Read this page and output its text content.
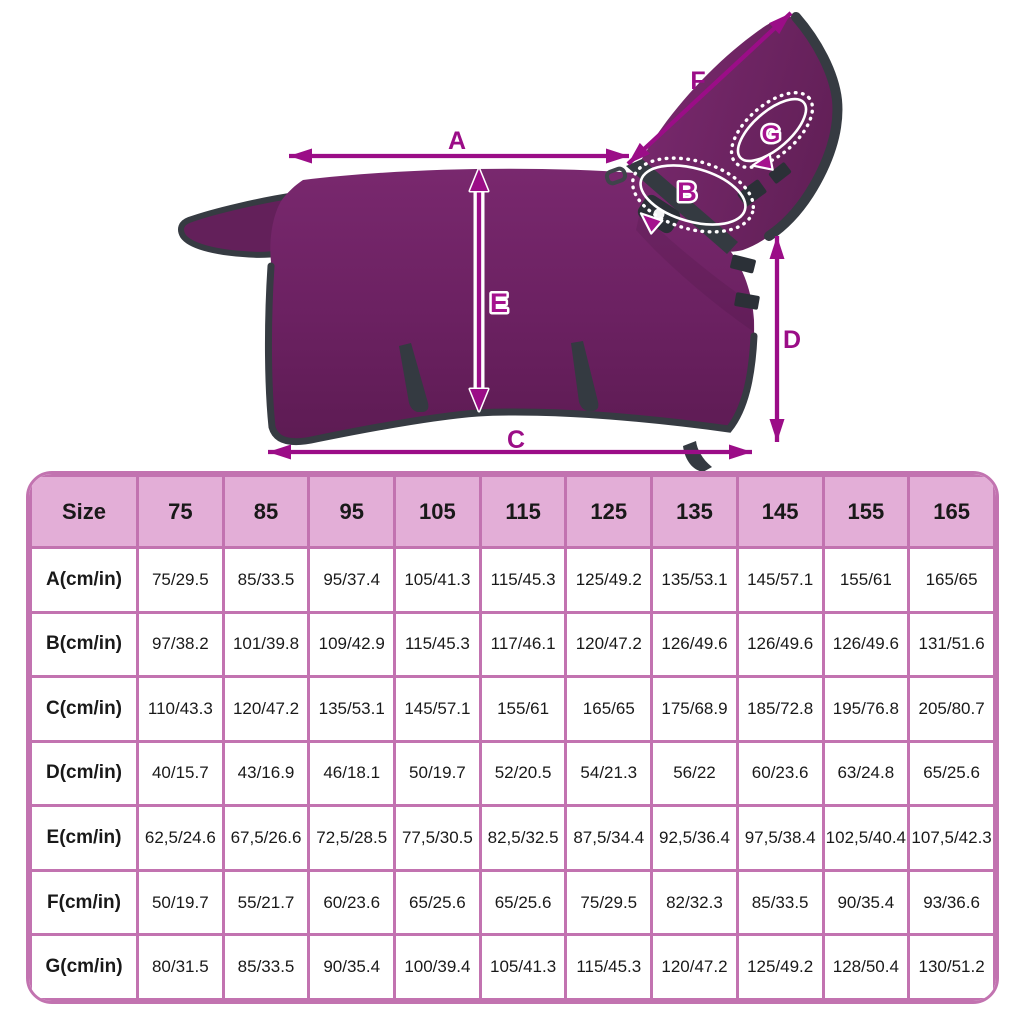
A
B
C
D
E
F
G
Size	75	85	95	105	115	125	135	145	155	165
A(cm/in)	75/29.5	85/33.5	95/37.4	105/41.3	115/45.3	125/49.2	135/53.1	145/57.1	155/61	165/65
B(cm/in)	97/38.2	101/39.8	109/42.9	115/45.3	117/46.1	120/47.2	126/49.6	126/49.6	126/49.6	131/51.6
C(cm/in)	110/43.3	120/47.2	135/53.1	145/57.1	155/61	165/65	175/68.9	185/72.8	195/76.8	205/80.7
D(cm/in)	40/15.7	43/16.9	46/18.1	50/19.7	52/20.5	54/21.3	56/22	60/23.6	63/24.8	65/25.6
E(cm/in)	62,5/24.6	67,5/26.6	72,5/28.5	77,5/30.5	82,5/32.5	87,5/34.4	92,5/36.4	97,5/38.4	102,5/40.4	107,5/42.3
F(cm/in)	50/19.7	55/21.7	60/23.6	65/25.6	65/25.6	75/29.5	82/32.3	85/33.5	90/35.4	93/36.6
G(cm/in)	80/31.5	85/33.5	90/35.4	100/39.4	105/41.3	115/45.3	120/47.2	125/49.2	128/50.4	130/51.2
